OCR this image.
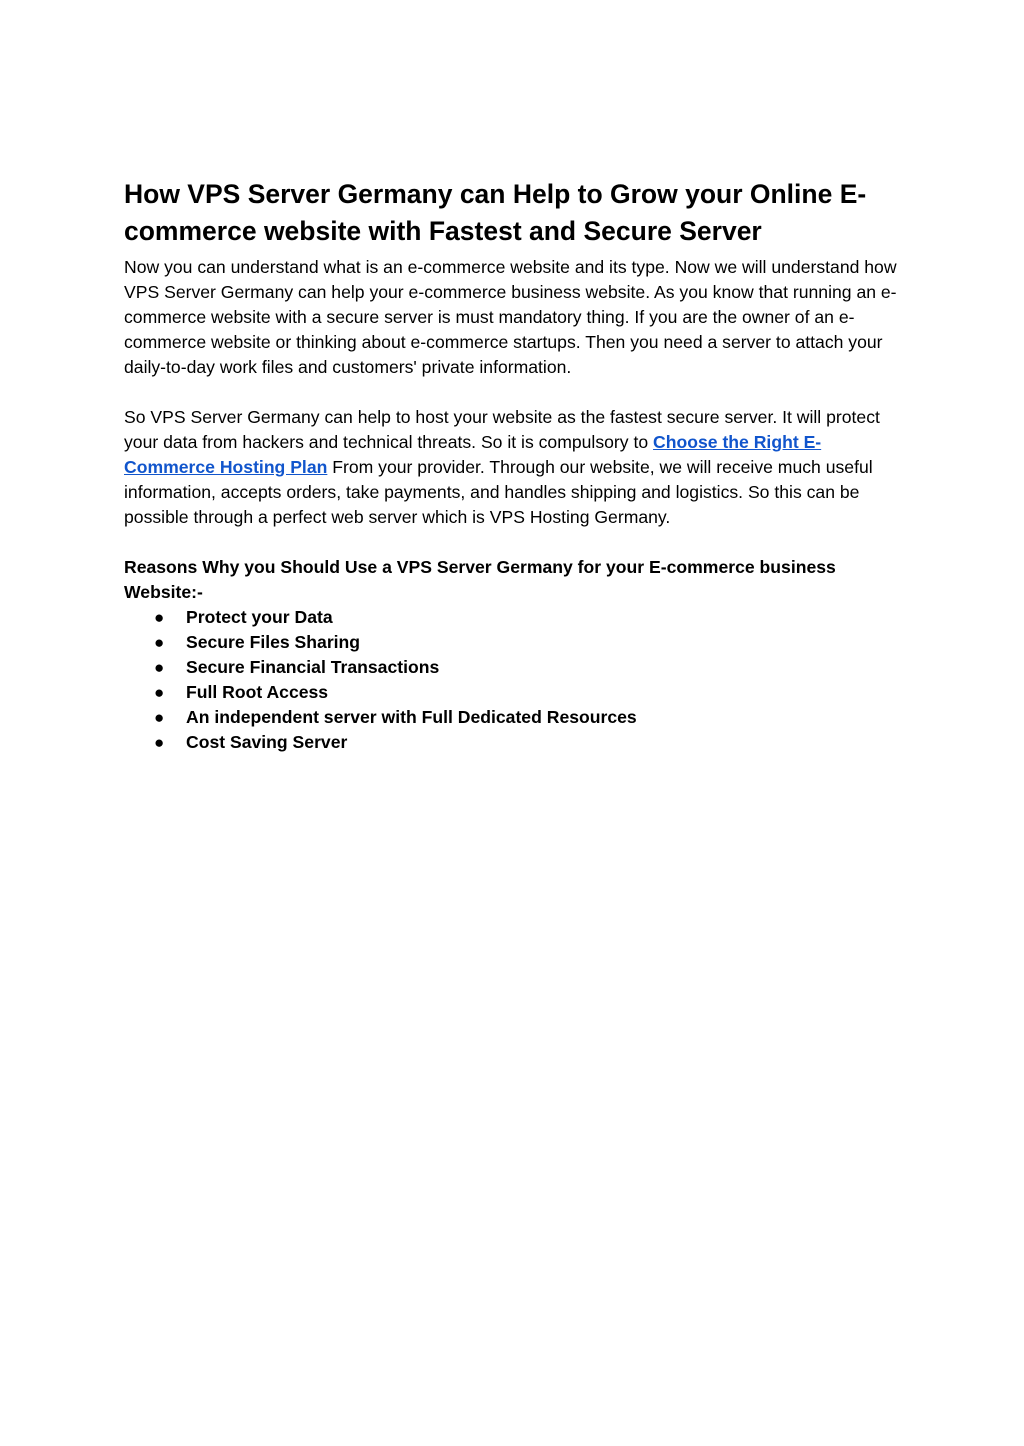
How VPS Server Germany can Help to Grow your Online E-commerce website with Fastest and Secure Server

Now you can understand what is an e-commerce website and its type. Now we will understand how VPS Server Germany can help your e-commerce business website. As you know that running an e-commerce website with a secure server is must mandatory thing. If you are the owner of an e-commerce website or thinking about e-commerce startups. Then you need a server to attach your daily-to-day work files and customers' private information.

So VPS Server Germany can help to host your website as the fastest secure server. It will protect your data from hackers and technical threats. So it is compulsory to Choose the Right E-Commerce Hosting Plan From your provider. Through our website, we will receive much useful information, accepts orders, take payments, and handles shipping and logistics. So this can be possible through a perfect web server which is VPS Hosting Germany.

Reasons Why you Should Use a VPS Server Germany for your E-commerce business Website:-

● Protect your Data
● Secure Files Sharing
● Secure Financial Transactions
● Full Root Access
● An independent server with Full Dedicated Resources
● Cost Saving Server
